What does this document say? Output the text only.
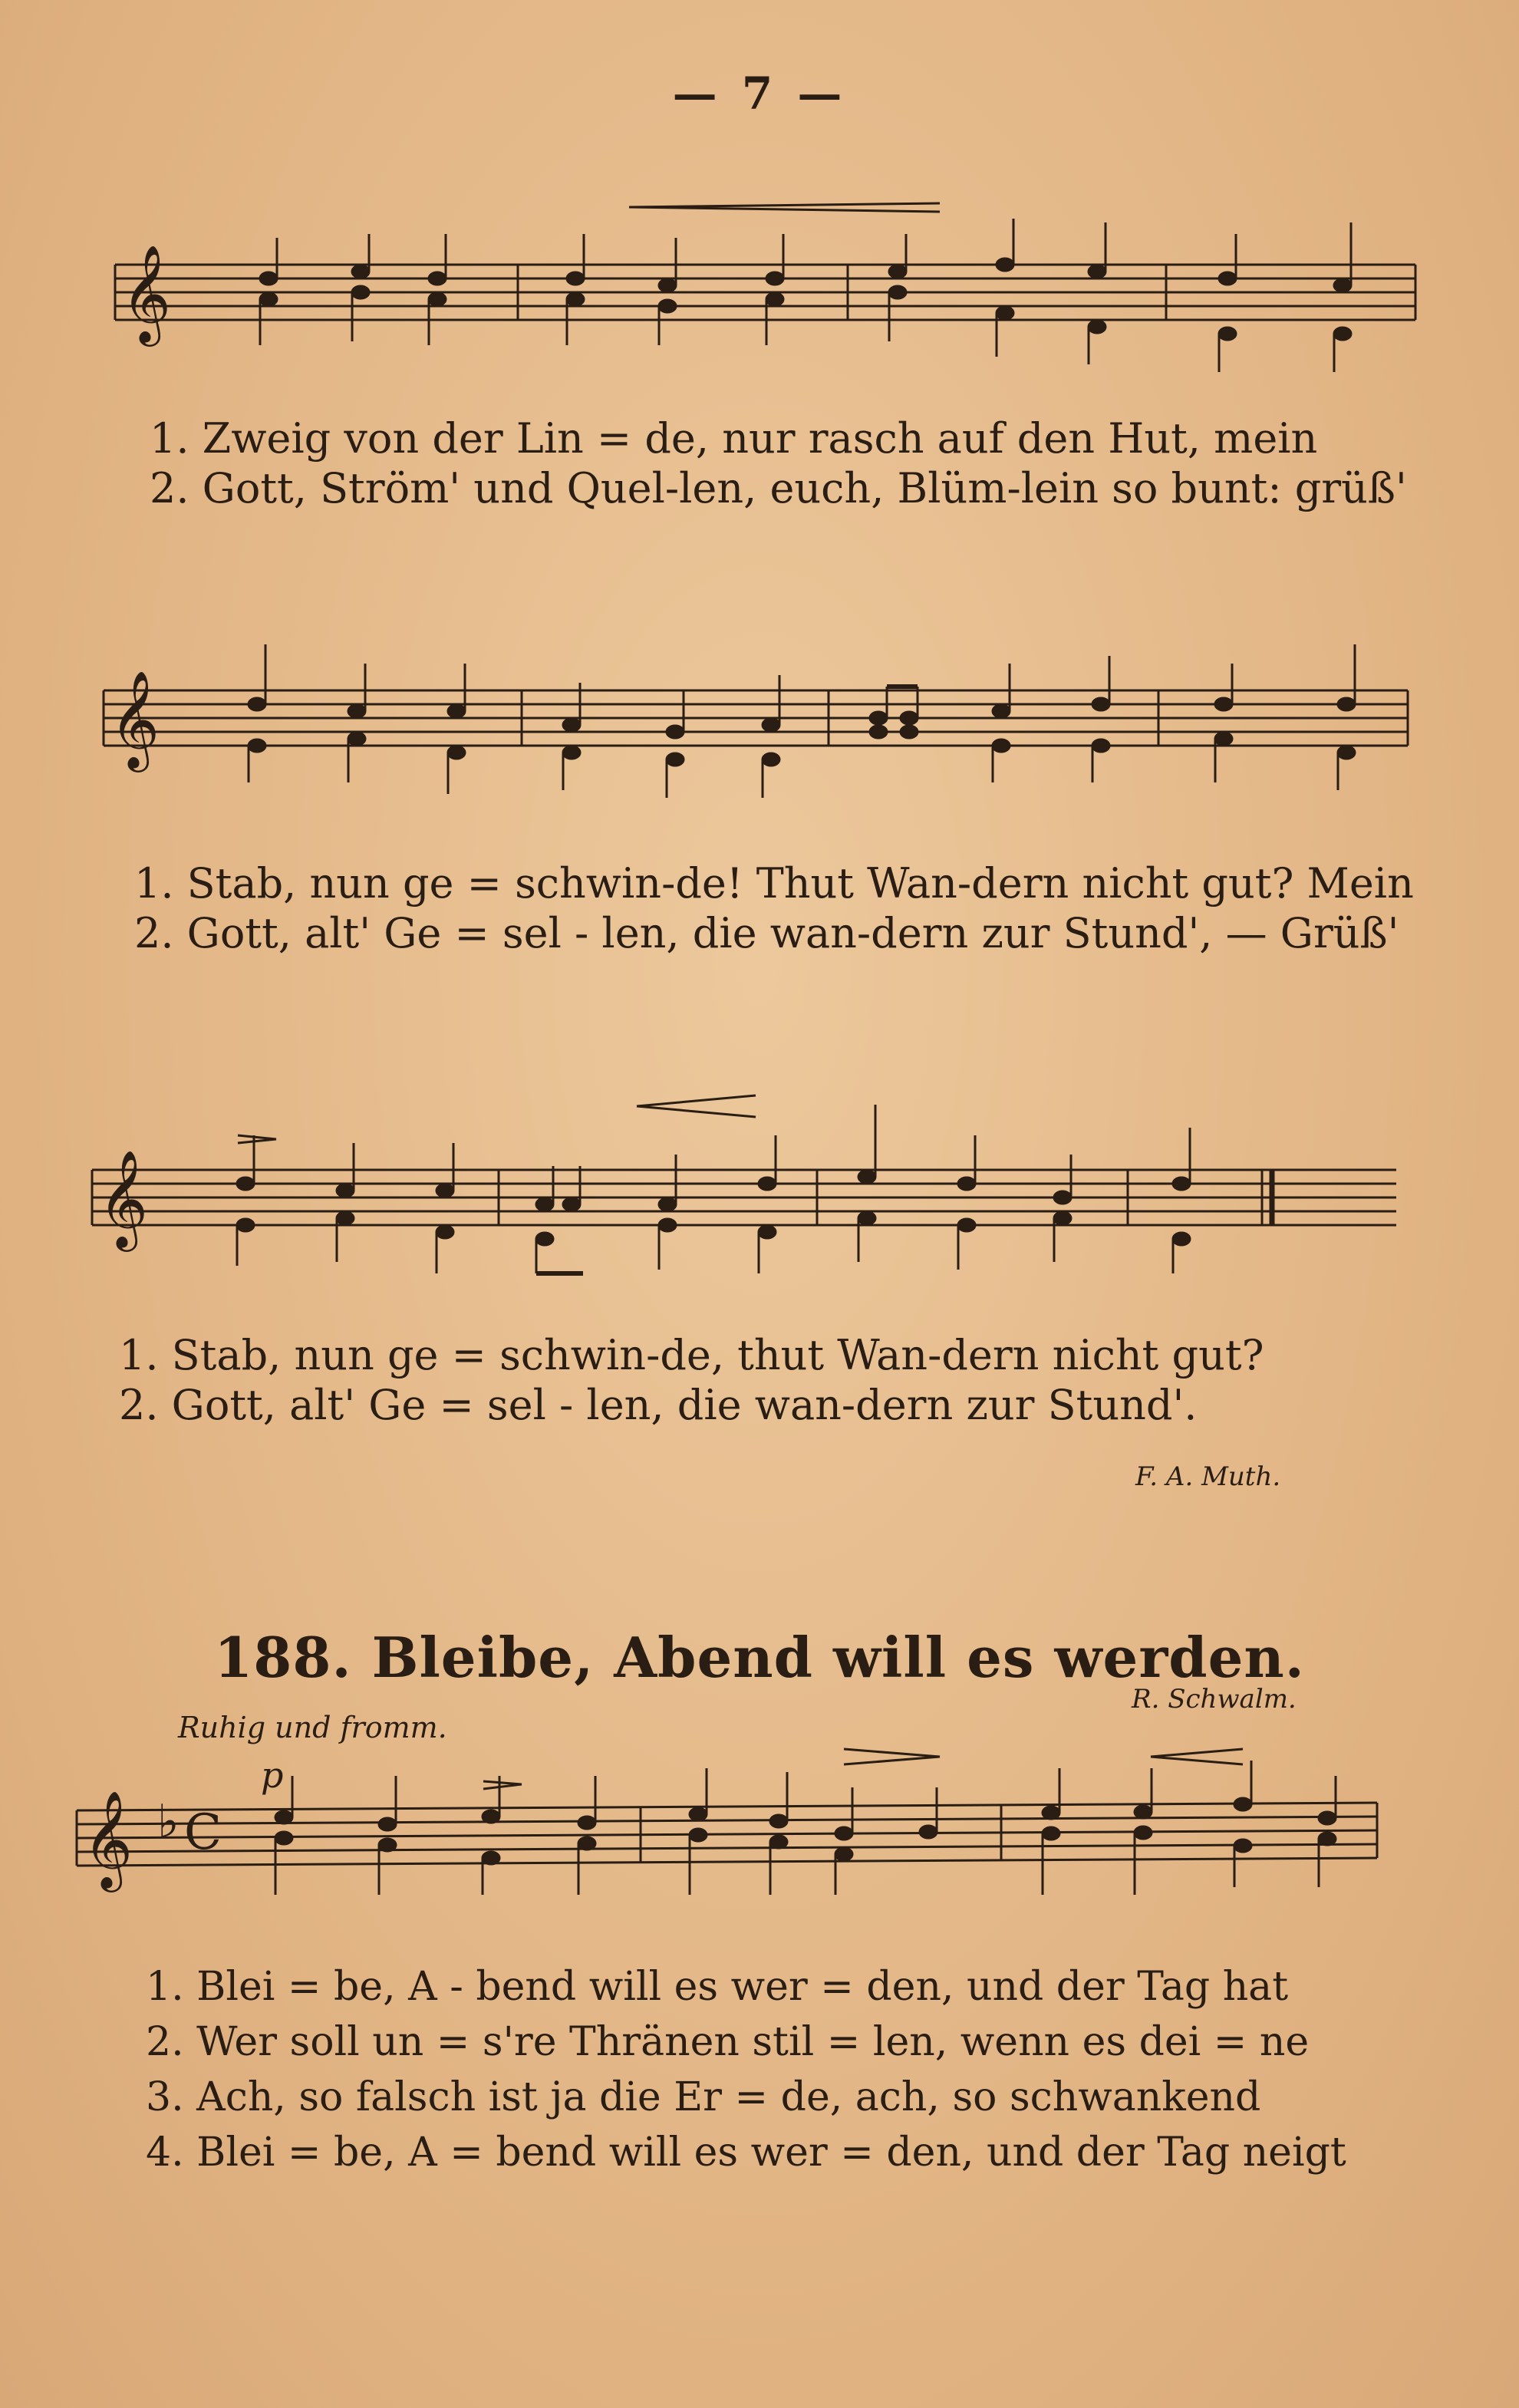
— 7 —
𝄞
1. Zweig von der Lin = de, nur rasch auf den Hut, mein
2. Gott, Ström' und Quel-len, euch, Blüm-lein so bunt: grüß'
𝄞
1. Stab, nun ge = schwin-de! Thut Wan-dern nicht gut? Mein
2. Gott, alt' Ge = sel - len, die wan-dern zur Stund', — Grüß'
𝄞
1. Stab, nun ge = schwin-de, thut Wan-dern nicht gut?
2. Gott, alt' Ge = sel - len, die wan-dern zur Stund'.
F. A. Muth.
188. Bleibe, Abend will es werden.
R. Schwalm.
Ruhig und fromm.
𝄞 ♭ C
p
1. Blei = be, A - bend will es wer = den, und der Tag hat
2. Wer soll un = s're Thränen stil = len, wenn es dei = ne
3. Ach, so falsch ist ja die Er = de, ach, so schwankend
4. Blei = be, A = bend will es wer = den, und der Tag neigt
